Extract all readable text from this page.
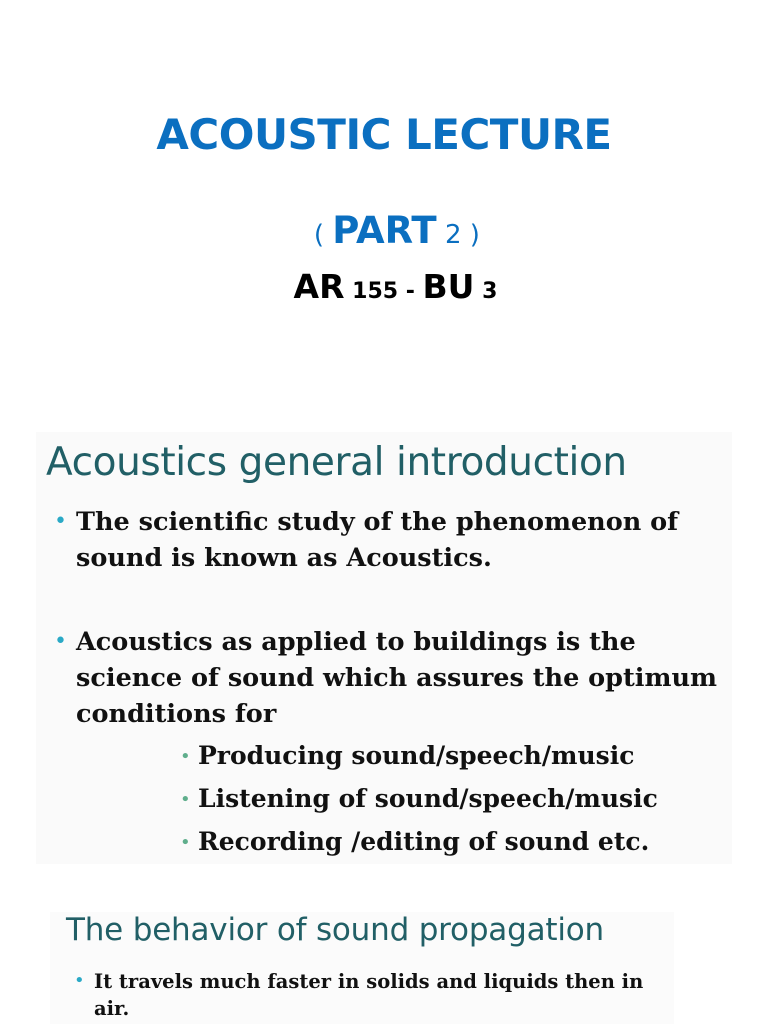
ACOUSTIC LECTURE

( PART 2 )

AR 155 - BU 3

Acoustics general introduction
• The scientific study of the phenomenon of sound is known as Acoustics.
• Acoustics as applied to buildings is the science of sound which assures the optimum conditions for
• Producing sound/speech/music
• Listening of sound/speech/music
• Recording /editing of sound etc.
The behavior of sound propagation
• It travels much faster in solids and liquids then in air.
